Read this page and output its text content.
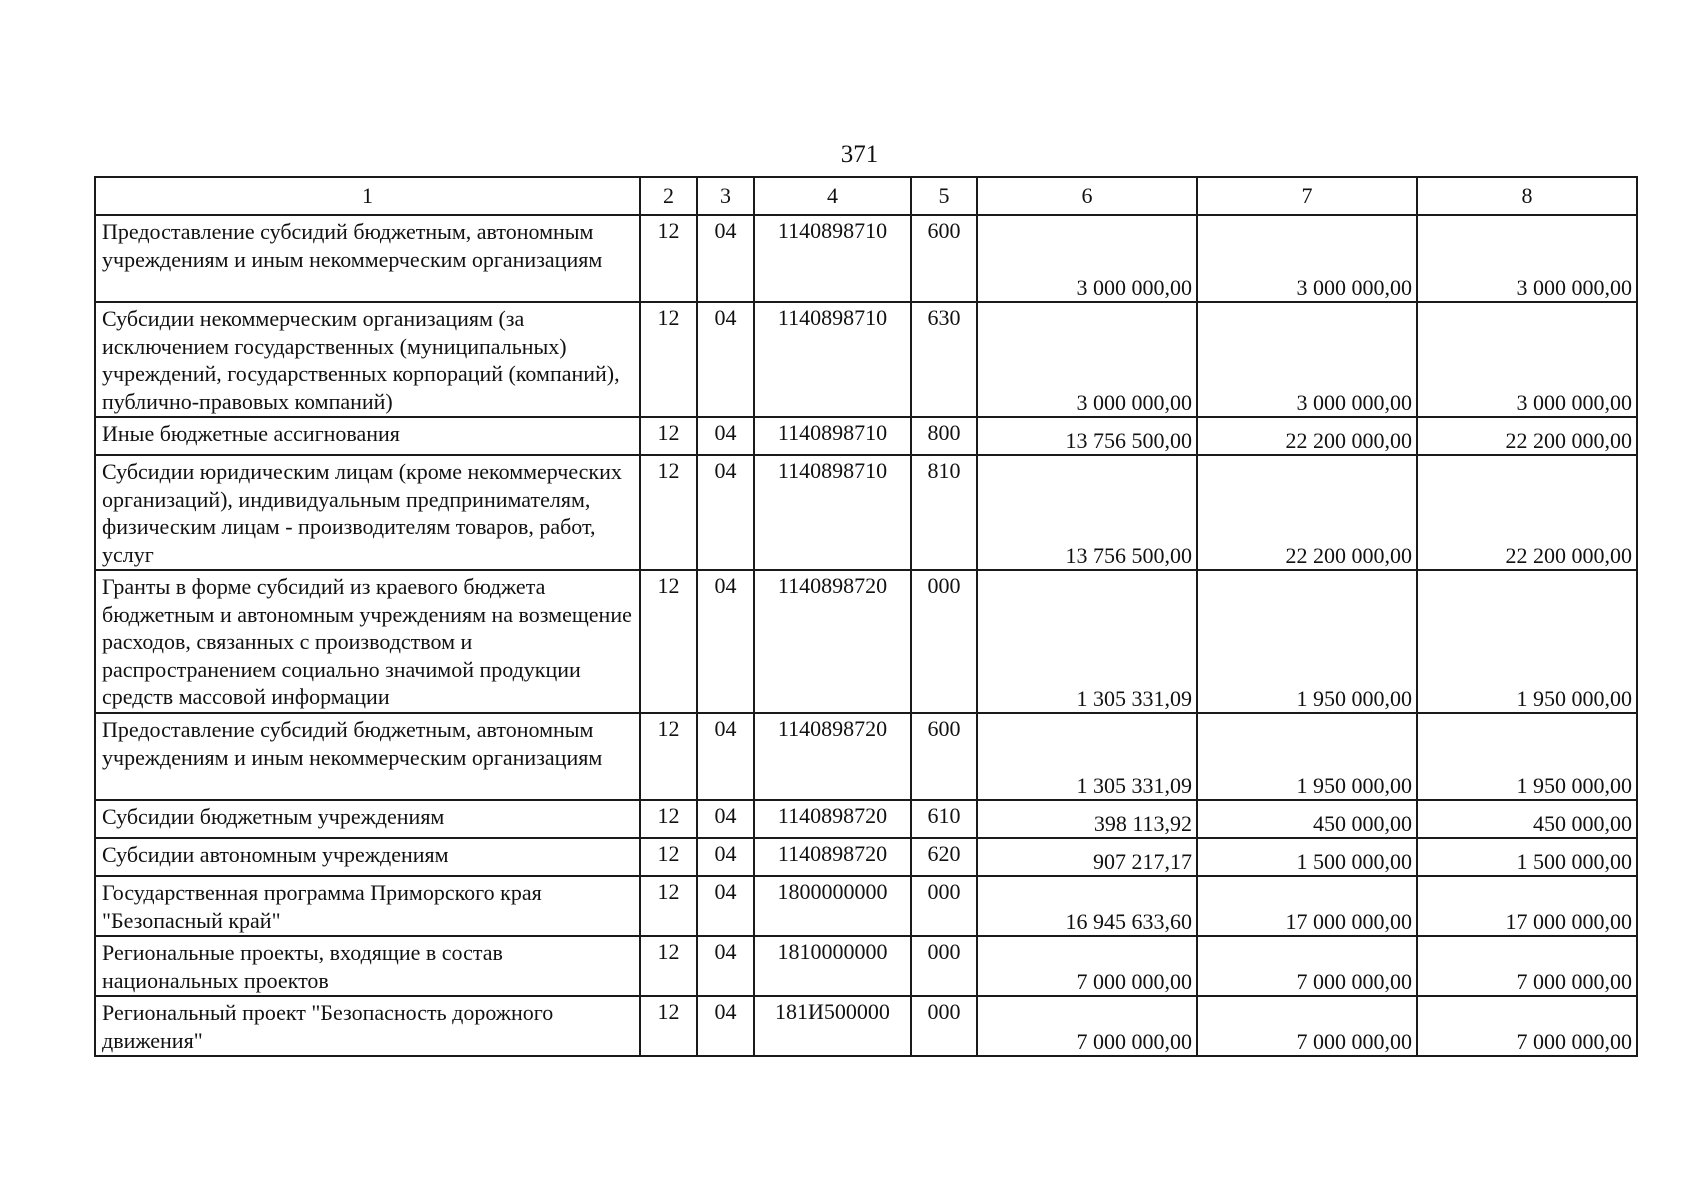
371
1	2	3	4	5	6	7	8
Предоставление субсидий бюджетным, автономным учреждениям и иным некоммерческим организациям	12	04	1140898710	600	3 000 000,00	3 000 000,00	3 000 000,00
Субсидии некоммерческим организациям (за исключением государственных (муниципальных) учреждений, государственных корпораций (компаний), публично-правовых компаний)	12	04	1140898710	630	3 000 000,00	3 000 000,00	3 000 000,00
Иные бюджетные ассигнования	12	04	1140898710	800	13 756 500,00	22 200 000,00	22 200 000,00
Субсидии юридическим лицам (кроме некоммерческих организаций), индивидуальным предпринимателям, физическим лицам - производителям товаров, работ, услуг	12	04	1140898710	810	13 756 500,00	22 200 000,00	22 200 000,00
Гранты в форме субсидий из краевого бюджета бюджетным и автономным учреждениям на возмещение расходов, связанных с производством и распространением социально значимой продукции средств массовой информации	12	04	1140898720	000	1 305 331,09	1 950 000,00	1 950 000,00
Предоставление субсидий бюджетным, автономным учреждениям и иным некоммерческим организациям	12	04	1140898720	600	1 305 331,09	1 950 000,00	1 950 000,00
Субсидии бюджетным учреждениям	12	04	1140898720	610	398 113,92	450 000,00	450 000,00
Субсидии автономным учреждениям	12	04	1140898720	620	907 217,17	1 500 000,00	1 500 000,00
Государственная программа Приморского края "Безопасный край"	12	04	1800000000	000	16 945 633,60	17 000 000,00	17 000 000,00
Региональные проекты, входящие в состав национальных проектов	12	04	1810000000	000	7 000 000,00	7 000 000,00	7 000 000,00
Региональный проект "Безопасность дорожного движения"	12	04	181И500000	000	7 000 000,00	7 000 000,00	7 000 000,00
